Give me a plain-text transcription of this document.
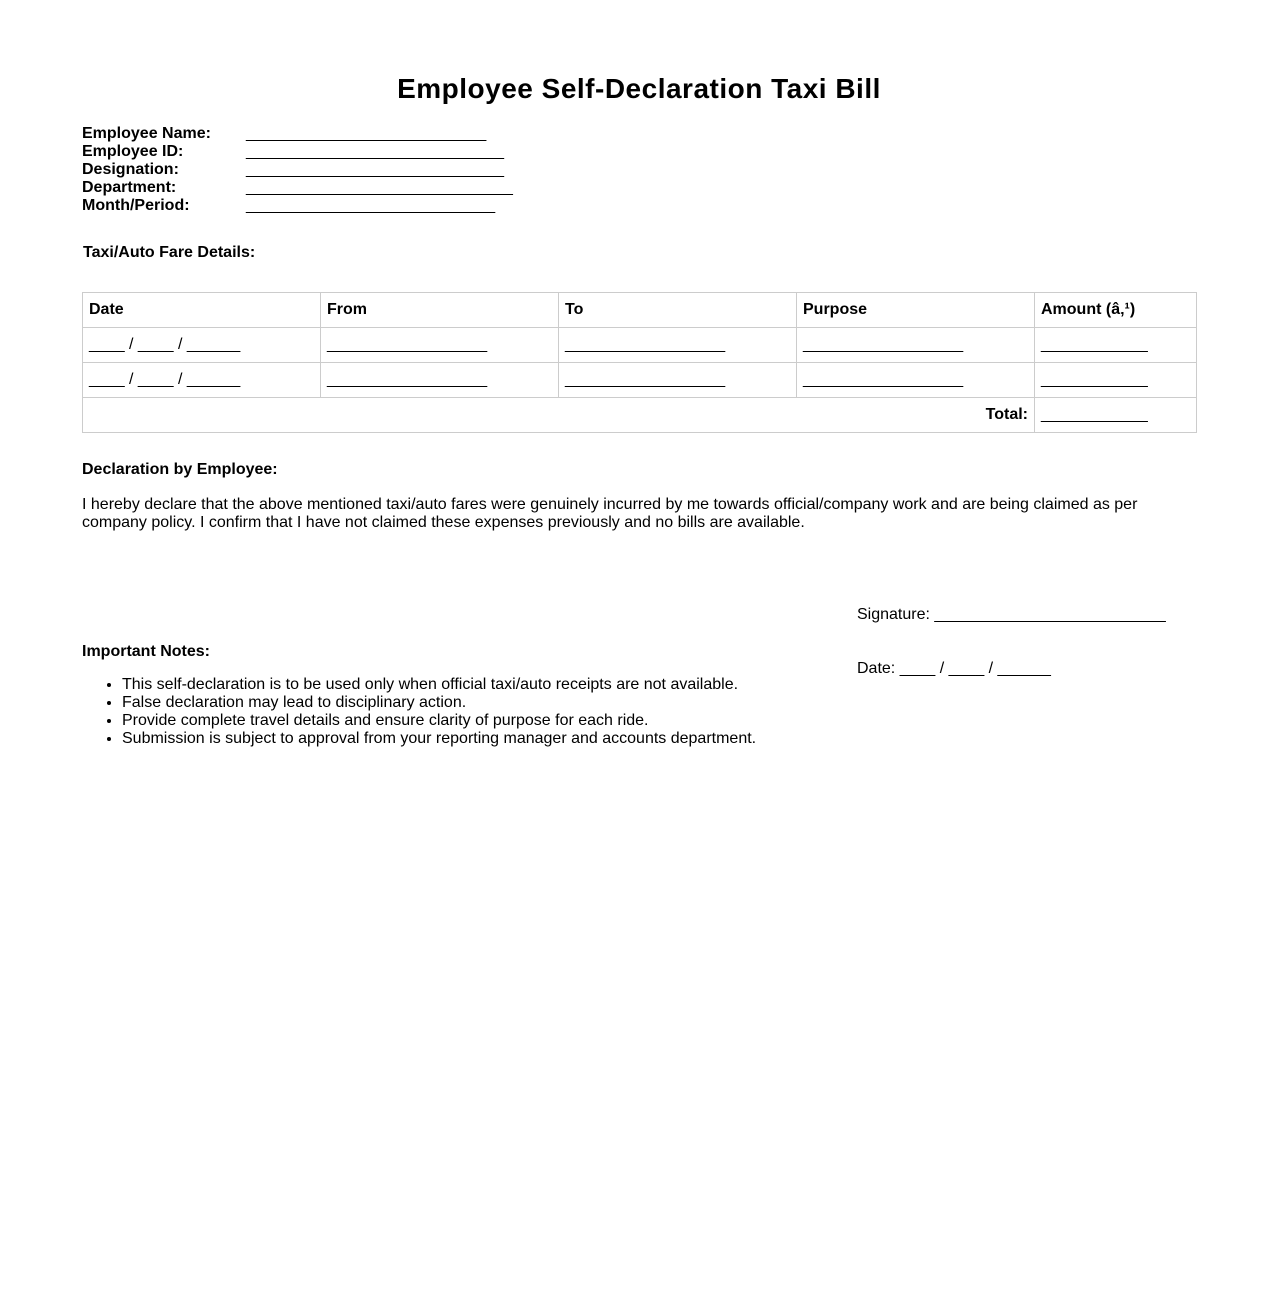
Employee Self-Declaration Taxi Bill
Employee Name:	___________________________
Employee ID:	_____________________________
Designation:	_____________________________
Department:	______________________________
Month/Period:	____________________________
Taxi/Auto Fare Details:
Date	From	To	Purpose	Amount (â‚¹)
____ / ____ / ______	__________________	__________________	__________________	____________
____ / ____ / ______	__________________	__________________	__________________	____________
Total:				____________
Declaration by Employee:

I hereby declare that the above mentioned taxi/auto fares were genuinely incurred by me towards official/company work and are being claimed as per company policy. I confirm that I have not claimed these expenses previously and no bills are available.

Signature: __________________________

Date: ____ / ____ / ______

Important Notes:
• This self-declaration is to be used only when official taxi/auto receipts are not available.
• False declaration may lead to disciplinary action.
• Provide complete travel details and ensure clarity of purpose for each ride.
• Submission is subject to approval from your reporting manager and accounts department.
